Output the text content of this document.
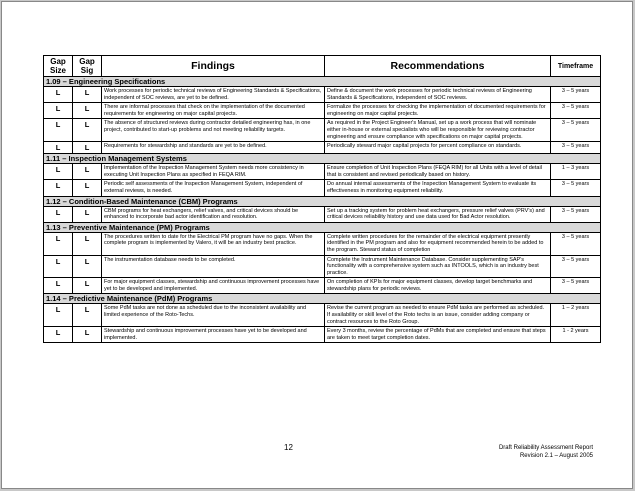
Gap Size	Gap Sig	Findings	Recommendations	Timeframe
1.09 – Engineering Specifications				
L	L	Work processes for periodic technical reviews of Engineering Standards & Specifications, independent of SOC reviews, are yet to be defined.	Define & document the work processes for periodic technical reviews of Engineering Standards & Specifications, independent of SOC reviews.	3 – 5 years
L	L	There are informal processes that check on the implementation of the documented requirements for engineering on major capital projects.	Formalize the processes for checking the implementation of documented requirements for engineering on major capital projects.	3 – 5 years
L	L	The absence of structured reviews during contractor detailed engineering has, in one project, contributed to start-up problems and not meeting reliability targets.	As required in the Project Engineer's Manual, set up a work process that will nominate either in-house or external specialists who will be responsible for reviewing contractor engineering and ensure compliance with specifications on major capital projects.	3 – 5 years
L	L	Requirements for stewardship and standards are yet to be defined.	Periodically steward major capital projects for percent compliance on standards.	3 – 5 years
1.11 – Inspection Management Systems				
L	L	Implementation of the Inspection Management System needs more consistency in executing Unit Inspection Plans as specified in FEQA RIM.	Ensure completion of Unit Inspection Plans (FEQA RIM) for all Units with a level of detail that is consistent and revised periodically based on history.	1 – 3 years
L	L	Periodic self assessments of the Inspection Management System, independent of external reviews, is needed.	Do annual internal assessments of the Inspection Management System to evaluate its effectiveness in monitoring equipment reliability.	3 – 5 years
1.12 – Condition-Based Maintenance (CBM) Programs				
L	L	CBM programs for heat exchangers, relief valves, and critical devices should be enhanced to incorporate bad actor identification and resolution.	Set up a tracking system for problem heat exchangers, pressure relief valves (PRV's) and critical devices reliability history and use data used for Bad Actor resolution.	3 – 5 years
1.13 – Preventive Maintenance (PM) Programs				
L	L	The procedures written to date for the Electrical PM program have no gaps. When the complete program is implemented by Valero, it will be an industry best practice.	Complete written procedures for the remainder of the electrical equipment presently identified in the PM program and also for equipment recommended herein to be added to the program. Steward status of completion	3 – 5 years
L	L	The instrumentation database needs to be completed.	Complete the Instrument Maintenance Database. Consider supplementing SAP's functionality with a comprehensive system such as INTOOLS, which is an industry best practice.	3 – 5 years
L	L	For major equipment classes, stewardship and continuous improvement processes have yet to be developed and implemented.	On completion of KPIs for major equipment classes, develop target benchmarks and stewardship plans for periodic reviews.	3 – 5 years
1.14 – Predictive Maintenance (PdM) Programs				
L	L	Some PdM tasks are not done as scheduled due to the inconsistent availability and limited experience of the Roto-Techs.	Revise the current program as needed to ensure PdM tasks are performed as scheduled. If availability or skill level of the Roto techs is an issue, consider adding company or contract resources to the Roto Group.	1 – 2 years
L	L	Stewardship and continuous improvement processes have yet to be developed and implemented.	Every 3 months, review the percentage of PdMs that are completed and ensure that steps are taken to meet target completion dates.	1 - 2 years
12	Draft Reliability Assessment Report
Revision 2.1 – August 2005
